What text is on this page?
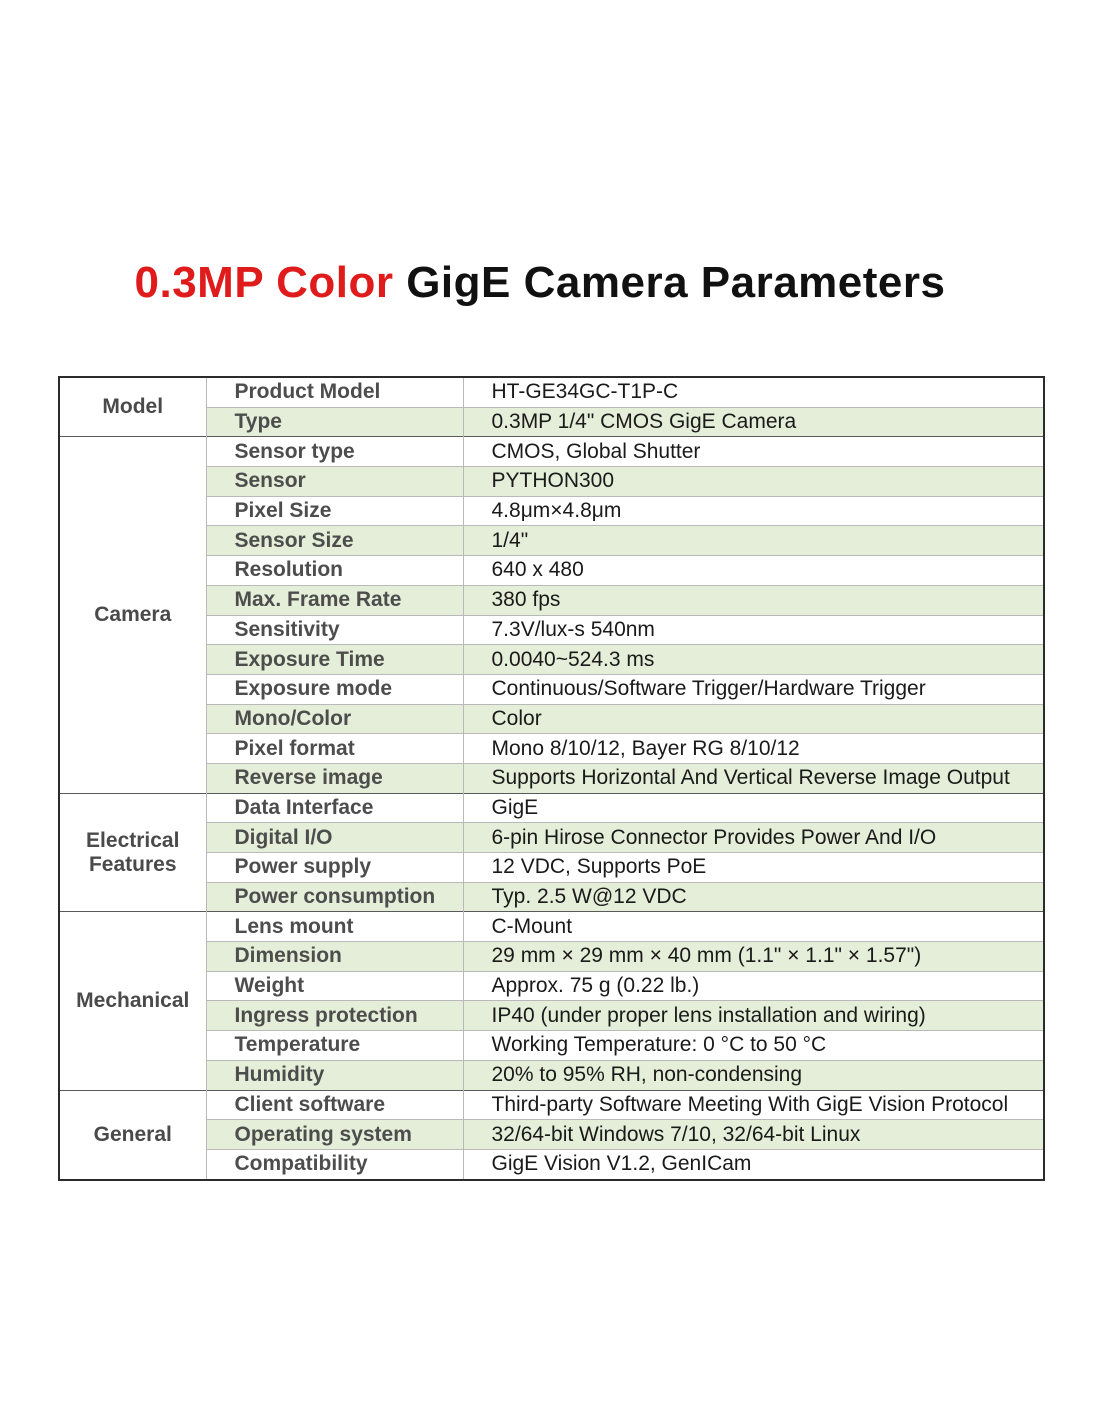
0.3MP Color GigE Camera Parameters
Model	Product Model	HT-GE34GC-T1P-C
	Type	0.3MP 1/4" CMOS GigE Camera
Camera	Sensor type	CMOS, Global Shutter
	Sensor	PYTHON300
	Pixel Size	4.8μm×4.8μm
	Sensor Size	1/4"
	Resolution	640 x 480
	Max. Frame Rate	380 fps
	Sensitivity	7.3V/lux-s 540nm
	Exposure Time	0.0040~524.3 ms
	Exposure mode	Continuous/Software Trigger/Hardware Trigger
	Mono/Color	Color
	Pixel format	Mono 8/10/12, Bayer RG 8/10/12
	Reverse image	Supports Horizontal And Vertical Reverse Image Output
Electrical
Features	Data Interface	GigE
	Digital I/O	6-pin Hirose Connector Provides Power And I/O
	Power supply	12 VDC, Supports PoE
	Power consumption	Typ. 2.5 W@12 VDC
Mechanical	Lens mount	C-Mount
	Dimension	29 mm × 29 mm × 40 mm (1.1" × 1.1" × 1.57")
	Weight	Approx. 75 g (0.22 lb.)
	Ingress protection	IP40 (under proper lens installation and wiring)
	Temperature	Working Temperature: 0 °C to 50 °C
	Humidity	20% to 95% RH, non-condensing
General	Client software	Third-party Software Meeting With GigE Vision Protocol
	Operating system	32/64-bit Windows 7/10, 32/64-bit Linux
	Compatibility	GigE Vision V1.2, GenICam
